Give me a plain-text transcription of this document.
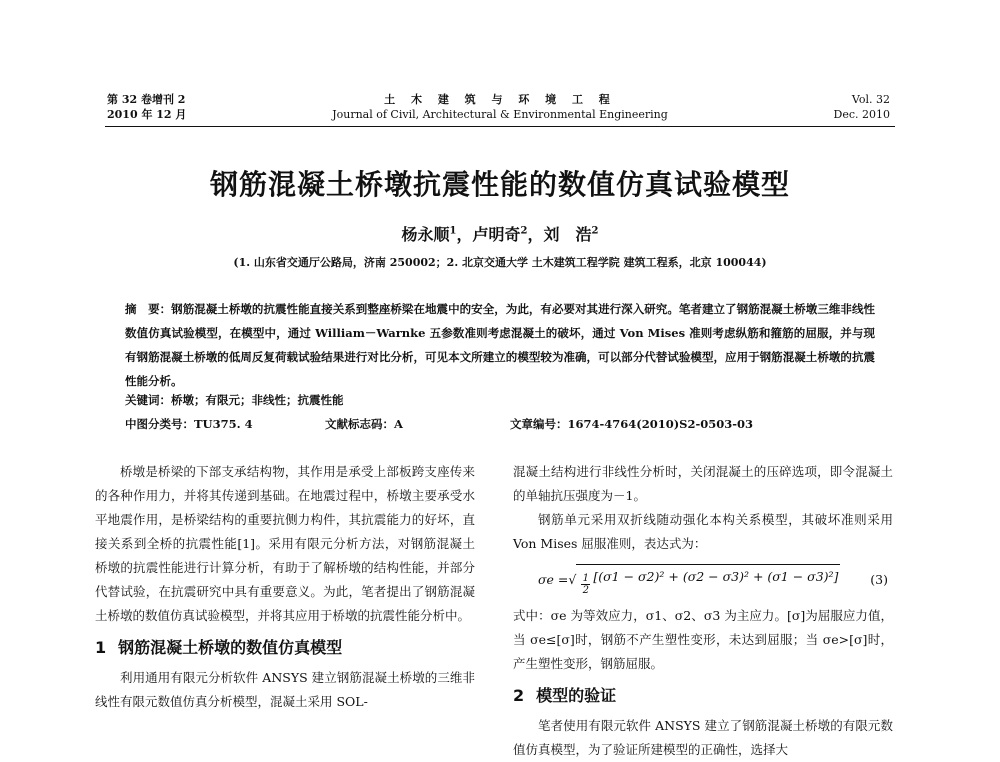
第 32 卷增刊 2
2010 年 12 月
土 木 建 筑 与 环 境 工 程
Journal of Civil, Architectural & Environmental Engineering
Vol. 32
Dec. 2010
钢筋混凝土桥墩抗震性能的数值仿真试验模型
杨永顺$^1$，卢明奇$^2$，刘　浩$^2$
(1. 山东省交通厅公路局，济南 250002；2. 北京交通大学 土木建筑工程学院 建筑工程系，北京 100044)
摘　要：钢筋混凝土桥墩的抗震性能直接关系到整座桥梁在地震中的安全，为此，有必要对其进行深入研究。笔者建立了钢筋混凝土桥墩三维非线性数值仿真试验模型，在模型中，通过 William－Warnke 五参数准则考虑混凝土的破坏，通过 Von Mises 准则考虑纵筋和箍筋的屈服，并与现有钢筋混凝土桥墩的低周反复荷载试验结果进行对比分析，可见本文所建立的模型较为准确，可以部分代替试验模型，应用于钢筋混凝土桥墩的抗震性能分析。
关键词：桥墩；有限元；非线性；抗震性能
中图分类号：TU375. 4	文献标志码：A	文章编号：1674-4764(2010)S2-0503-03

桥墩是桥梁的下部支承结构物，其作用是承受上部板跨支座传来的各种作用力，并将其传递到基础。在地震过程中，桥墩主要承受水平地震作用，是桥梁结构的重要抗侧力构件，其抗震能力的好坏，直接关系到全桥的抗震性能[1]。采用有限元分析方法，对钢筋混凝土桥墩的抗震性能进行计算分析，有助于了解桥墩的结构性能，并部分代替试验，在抗震研究中具有重要意义。为此，笔者提出了钢筋混凝土桥墩的数值仿真试验模型，并将其应用于桥墩的抗震性能分析中。

1 钢筋混凝土桥墩的数值仿真模型

利用通用有限元分析软件 ANSYS 建立钢筋混凝土桥墩的三维非线性有限元数值仿真分析模型，混凝土采用 SOL-

混凝土结构进行非线性分析时，关闭混凝土的压碎选项，即令混凝土的单轴抗压强度为－1。

钢筋单元采用双折线随动强化本构关系模型，其破坏准则采用 Von Mises 屈服准则，表达式为：

σe = √ $\frac{1}{2} [(\sigma 1 - \sigma 2)^2 + (\sigma 2 - \sigma 3)^2 + (\sigma 1 - \sigma 3)^2]$	(3)

式中：σe 为等效应力，σ1、σ2、σ3 为主应力。[σ]为屈服应力值，当 σe≤[σ]时，钢筋不产生塑性变形，未达到屈服；当 σe>[σ]时，产生塑性变形，钢筋屈服。

2 模型的验证

笔者使用有限元软件 ANSYS 建立了钢筋混凝土桥墩的有限元数值仿真模型，为了验证所建模型的正确性，选择大
